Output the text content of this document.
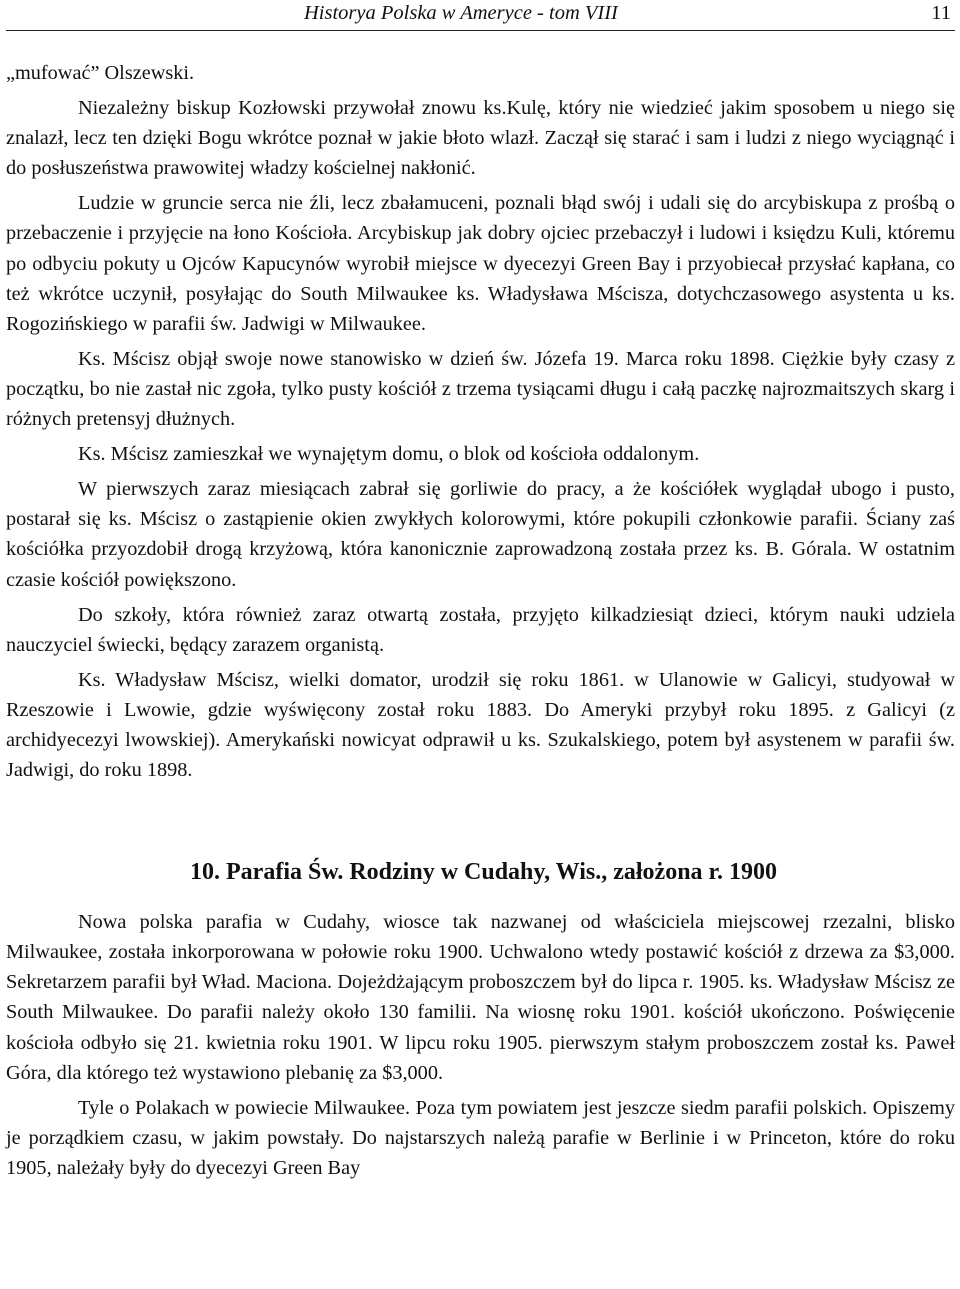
Historya Polska w Ameryce - tom VIII	11

„mufować” Olszewski.

Niezależny biskup Kozłowski przywołał znowu ks.Kulę, który nie wiedzieć jakim sposobem u niego się znalazł, lecz ten dzięki Bogu wkrótce poznał w jakie błoto wlazł. Zaczął się starać i sam i ludzi z niego wyciągnąć i do posłuszeństwa prawowitej władzy kościelnej nakłonić.

Ludzie w gruncie serca nie źli, lecz zbałamuceni, poznali błąd swój i udali się do arcybiskupa z prośbą o przebaczenie i przyjęcie na łono Kościoła. Arcybiskup jak dobry ojciec przebaczył i ludowi i księdzu Kuli, któremu po odbyciu pokuty u Ojców Kapucynów wyrobił miejsce w dyecezyi Green Bay i przyobiecał przysłać kapłana, co też wkrótce uczynił, posyłając do South Milwaukee ks. Władysława Mścisza, dotychczasowego asystenta u ks. Rogozińskiego w parafii św. Jadwigi w Milwaukee.

Ks. Mścisz objął swoje nowe stanowisko w dzień św. Józefa 19. Marca roku 1898. Ciężkie były czasy z początku, bo nie zastał nic zgoła, tylko pusty kościół z trzema tysiącami długu i całą paczkę najrozmaitszych skarg i różnych pretensyj dłużnych.

Ks. Mścisz zamieszkał we wynajętym domu, o blok od kościoła oddalonym.

W pierwszych zaraz miesiącach zabrał się gorliwie do pracy, a że kościółek wyglądał ubogo i pusto, postarał się ks. Mścisz o zastąpienie okien zwykłych kolorowymi, które pokupili członkowie parafii. Ściany zaś kościółka przyozdobił drogą krzyżową, która kanonicznie zaprowadzoną została przez ks. B. Górala. W ostatnim czasie kościół powiększono.

Do szkoły, która również zaraz otwartą została, przyjęto kilkadziesiąt dzieci, którym nauki udziela nauczyciel świecki, będący zarazem organistą.

Ks. Władysław Mścisz, wielki domator, urodził się roku 1861. w Ulanowie w Galicyi, studyował w Rzeszowie i Lwowie, gdzie wyświęcony został roku 1883. Do Ameryki przybył roku 1895. z Galicyi (z archidyecezyi lwowskiej). Amerykański nowicyat odprawił u ks. Szukalskiego, potem był asystenem w parafii św. Jadwigi, do roku 1898.

10. Parafia Św. Rodziny w Cudahy, Wis., założona r. 1900

Nowa polska parafia w Cudahy, wiosce tak nazwanej od właściciela miejscowej rzezalni, blisko Milwaukee, została inkorporowana w połowie roku 1900. Uchwalono wtedy postawić kościół z drzewa za $3,000. Sekretarzem parafii był Wład. Maciona. Dojeżdżającym proboszczem był do lipca r. 1905. ks. Władysław Mścisz ze South Milwaukee. Do parafii należy około 130 familii. Na wiosnę roku 1901. kościół ukończono. Poświęcenie kościoła odbyło się 21. kwietnia roku 1901. W lipcu roku 1905. pierwszym stałym proboszczem został ks. Paweł Góra, dla którego też wystawiono plebanię za $3,000.

Tyle o Polakach w powiecie Milwaukee. Poza tym powiatem jest jeszcze siedm parafii polskich. Opiszemy je porządkiem czasu, w jakim powstały. Do najstarszych należą parafie w Berlinie i w Princeton, które do roku 1905, należały były do dyecezyi Green Bay
